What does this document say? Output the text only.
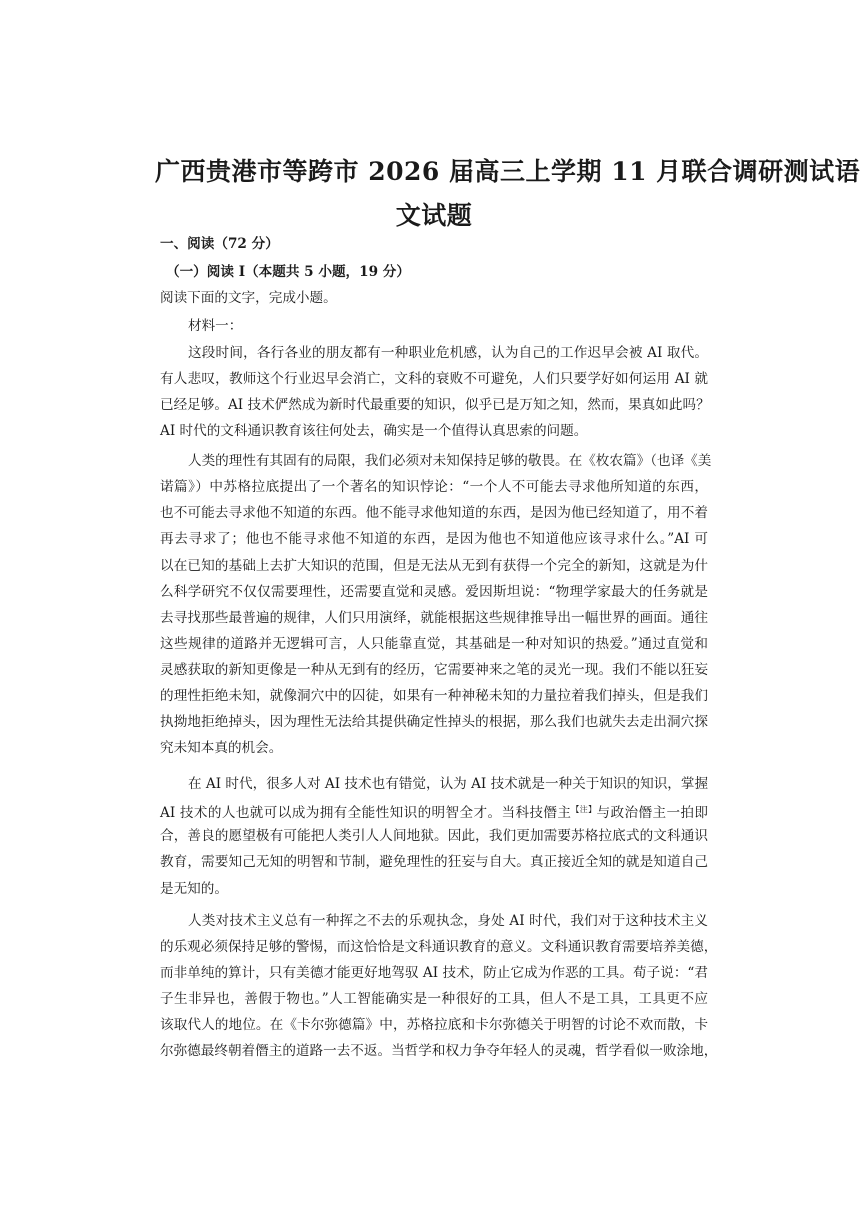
广西贵港市等跨市 2026 届高三上学期 11 月联合调研测试语
文试题
一、阅读（72 分）
（一）阅读 I（本题共 5 小题，19 分）
阅读下面的文字，完成小题。
材料一：
这段时间，各行各业的朋友都有一种职业危机感，认为自己的工作迟早会被 AI 取代。
有人悲叹，教师这个行业迟早会消亡，文科的衰败不可避免，人们只要学好如何运用 AI 就
已经足够。AI 技术俨然成为新时代最重要的知识，似乎已是万知之知，然而，果真如此吗？
AI 时代的文科通识教育该往何处去，确实是一个值得认真思索的问题。
人类的理性有其固有的局限，我们必须对未知保持足够的敬畏。在《枚农篇》（也译《美
诺篇》）中苏格拉底提出了一个著名的知识悖论：“一个人不可能去寻求他所知道的东西，
也不可能去寻求他不知道的东西。他不能寻求他知道的东西，是因为他已经知道了，用不着
再去寻求了；他也不能寻求他不知道的东西，是因为他也不知道他应该寻求什么。”AI 可
以在已知的基础上去扩大知识的范围，但是无法从无到有获得一个完全的新知，这就是为什
么科学研究不仅仅需要理性，还需要直觉和灵感。爱因斯坦说：“物理学家最大的任务就是
去寻找那些最普遍的规律，人们只用演绎，就能根据这些规律推导出一幅世界的画面。通往
这些规律的道路并无逻辑可言，人只能靠直觉，其基础是一种对知识的热爱。”通过直觉和
灵感获取的新知更像是一种从无到有的经历，它需要神来之笔的灵光一现。我们不能以狂妄
的理性拒绝未知，就像洞穴中的囚徒，如果有一种神秘未知的力量拉着我们掉头，但是我们
执拗地拒绝掉头，因为理性无法给其提供确定性掉头的根据，那么我们也就失去走出洞穴探
究未知本真的机会。
在 AI 时代，很多人对 AI 技术也有错觉，认为 AI 技术就是一种关于知识的知识，掌握
AI 技术的人也就可以成为拥有全能性知识的明智全才。当科技僭主$^{【注】}$与政治僭主一拍即
合，善良的愿望极有可能把人类引人人间地狱。因此，我们更加需要苏格拉底式的文科通识
教育，需要知己无知的明智和节制，避免理性的狂妄与自大。真正接近全知的就是知道自己
是无知的。
人类对技术主义总有一种挥之不去的乐观执念，身处 AI 时代，我们对于这种技术主义
的乐观必须保持足够的警惕，而这恰恰是文科通识教育的意义。文科通识教育需要培养美德，
而非单纯的算计，只有美德才能更好地驾驭 AI 技术，防止它成为作恶的工具。荀子说：“君
子生非异也，善假于物也。”人工智能确实是一种很好的工具，但人不是工具，工具更不应
该取代人的地位。在《卡尔弥德篇》中，苏格拉底和卡尔弥德关于明智的讨论不欢而散，卡
尔弥德最终朝着僭主的道路一去不返。当哲学和权力争夺年轻人的灵魂，哲学看似一败涂地，
